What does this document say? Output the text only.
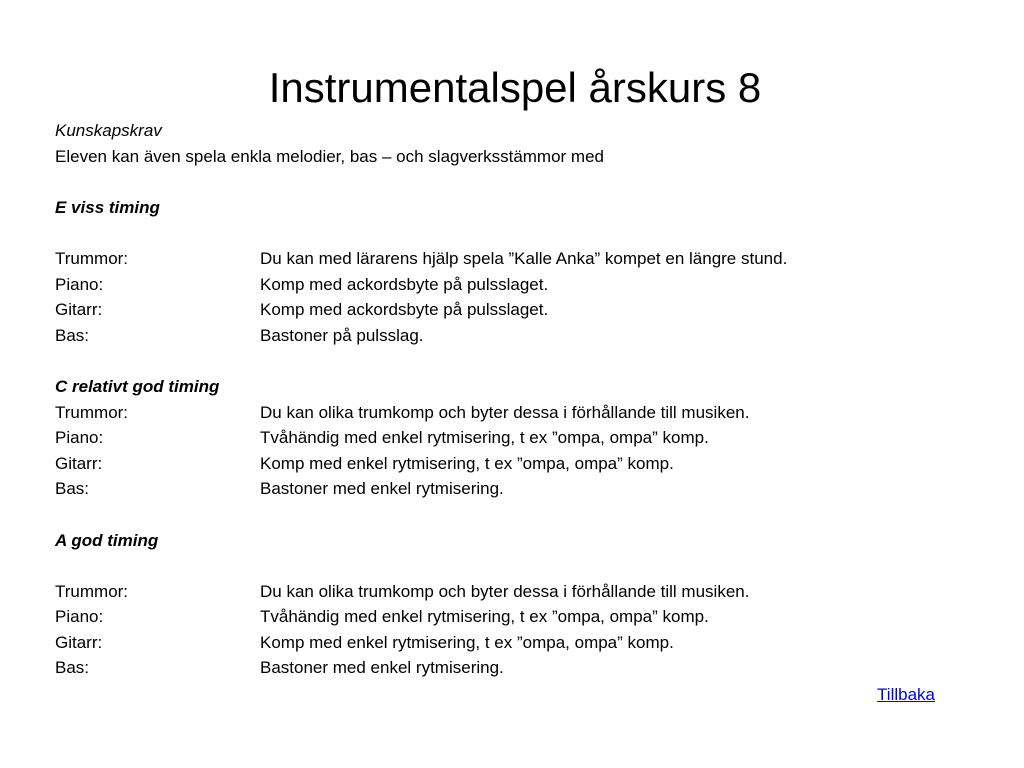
Instrumentalspel årskurs 8
Kunskapskrav
Eleven kan även spela enkla melodier, bas – och slagverksstämmor med
E viss timing
Trummor:	Du kan med lärarens hjälp spela ”Kalle Anka” kompet en längre stund.
Piano:	Komp med ackordsbyte på pulsslaget.
Gitarr:	Komp med ackordsbyte på pulsslaget.
Bas:	Bastoner på pulsslag.
C relativt god timing
Trummor:	Du kan olika trumkomp och byter dessa i förhållande till musiken.
Piano:	Tvåhändig med enkel rytmisering, t ex ”ompa, ompa” komp.
Gitarr:	Komp med enkel rytmisering, t ex ”ompa, ompa” komp.
Bas:	Bastoner med enkel rytmisering.
A god timing
Trummor:	Du kan olika trumkomp och byter dessa i förhållande till musiken.
Piano:	Tvåhändig med enkel rytmisering, t ex ”ompa, ompa” komp.
Gitarr:	Komp med enkel rytmisering, t ex ”ompa, ompa” komp.
Bas:	Bastoner med enkel rytmisering.
Tillbaka
